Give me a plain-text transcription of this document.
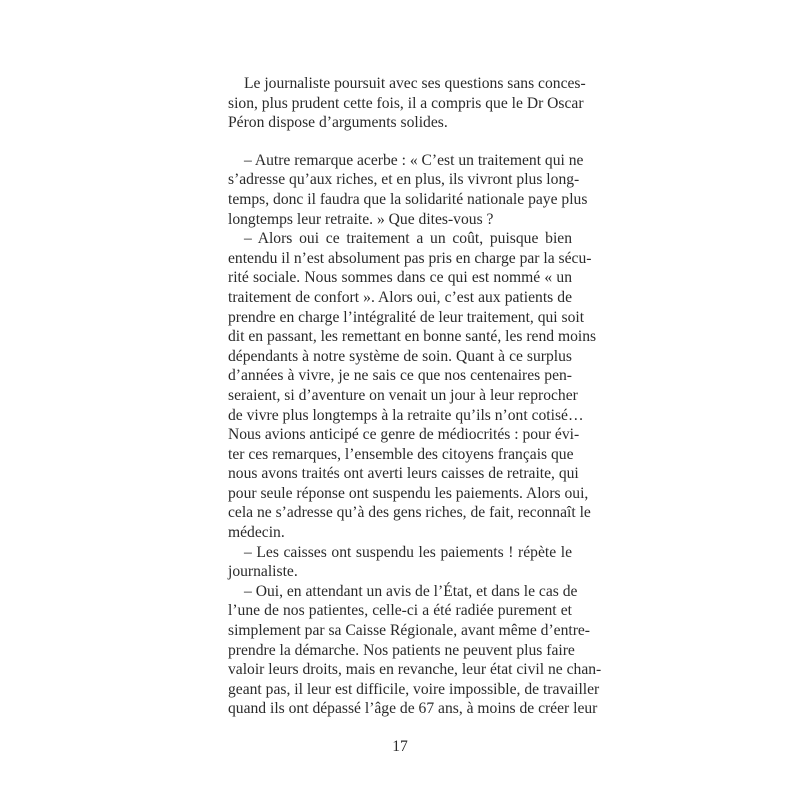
Le journaliste poursuit avec ses questions sans conces-
sion, plus prudent cette fois, il a compris que le Dr Oscar
Péron dispose d’arguments solides.
– Autre remarque acerbe : « C’est un traitement qui ne
s’adresse qu’aux riches, et en plus, ils vivront plus long-
temps, donc il faudra que la solidarité nationale paye plus
longtemps leur retraite. » Que dites-vous ?
– Alors oui ce traitement a un coût, puisque bien
entendu il n’est absolument pas pris en charge par la sécu-
rité sociale. Nous sommes dans ce qui est nommé « un
traitement de confort ». Alors oui, c’est aux patients de
prendre en charge l’intégralité de leur traitement, qui soit
dit en passant, les remettant en bonne santé, les rend moins
dépendants à notre système de soin. Quant à ce surplus
d’années à vivre, je ne sais ce que nos centenaires pen-
seraient, si d’aventure on venait un jour à leur reprocher
de vivre plus longtemps à la retraite qu’ils n’ont cotisé…
Nous avions anticipé ce genre de médiocrités : pour évi-
ter ces remarques, l’ensemble des citoyens français que
nous avons traités ont averti leurs caisses de retraite, qui
pour seule réponse ont suspendu les paiements. Alors oui,
cela ne s’adresse qu’à des gens riches, de fait, reconnaît le
médecin.
– Les caisses ont suspendu les paiements ! répète le
journaliste.
– Oui, en attendant un avis de l’État, et dans le cas de
l’une de nos patientes, celle-ci a été radiée purement et
simplement par sa Caisse Régionale, avant même d’entre-
prendre la démarche. Nos patients ne peuvent plus faire
valoir leurs droits, mais en revanche, leur état civil ne chan-
geant pas, il leur est difficile, voire impossible, de travailler
quand ils ont dépassé l’âge de 67 ans, à moins de créer leur
17
